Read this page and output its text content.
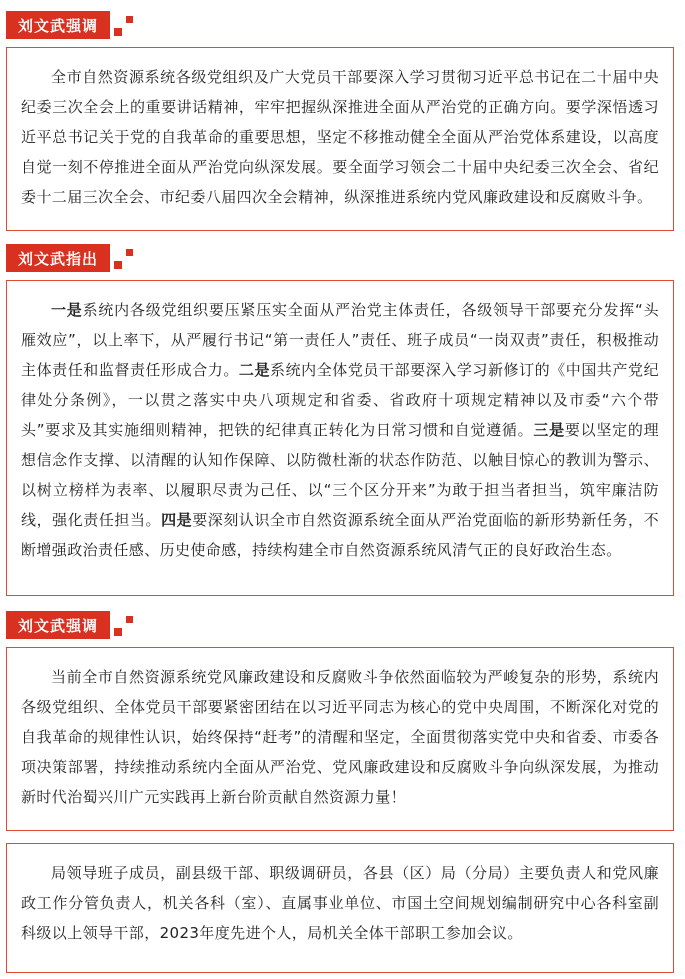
刘文武强调

全市自然资源系统各级党组织及广大党员干部要深入学习贯彻习近平总书记在二十届中央纪委三次全会上的重要讲话精神，牢牢把握纵深推进全面从严治党的正确方向。要学深悟透习近平总书记关于党的自我革命的重要思想，坚定不移推动健全全面从严治党体系建设，以高度自觉一刻不停推进全面从严治党向纵深发展。要全面学习领会二十届中央纪委三次全会、省纪委十二届三次全会、市纪委八届四次全会精神，纵深推进系统内党风廉政建设和反腐败斗争。

刘文武指出

一是系统内各级党组织要压紧压实全面从严治党主体责任，各级领导干部要充分发挥“头雁效应”，以上率下，从严履行书记“第一责任人”责任、班子成员“一岗双责”责任，积极推动主体责任和监督责任形成合力。二是系统内全体党员干部要深入学习新修订的《中国共产党纪律处分条例》，一以贯之落实中央八项规定和省委、省政府十项规定精神以及市委“六个带头”要求及其实施细则精神，把铁的纪律真正转化为日常习惯和自觉遵循。三是要以坚定的理想信念作支撑、以清醒的认知作保障、以防微杜渐的状态作防范、以触目惊心的教训为警示、以树立榜样为表率、以履职尽责为己任、以“三个区分开来”为敢于担当者担当，筑牢廉洁防线，强化责任担当。四是要深刻认识全市自然资源系统全面从严治党面临的新形势新任务，不断增强政治责任感、历史使命感，持续构建全市自然资源系统风清气正的良好政治生态。

刘文武强调

当前全市自然资源系统党风廉政建设和反腐败斗争依然面临较为严峻复杂的形势，系统内各级党组织、全体党员干部要紧密团结在以习近平同志为核心的党中央周围，不断深化对党的自我革命的规律性认识，始终保持“赶考”的清醒和坚定，全面贯彻落实党中央和省委、市委各项决策部署，持续推动系统内全面从严治党、党风廉政建设和反腐败斗争向纵深发展，为推动新时代治蜀兴川广元实践再上新台阶贡献自然资源力量！

局领导班子成员，副县级干部、职级调研员，各县（区）局（分局）主要负责人和党风廉政工作分管负责人，机关各科（室）、直属事业单位、市国土空间规划编制研究中心各科室副科级以上领导干部，2023年度先进个人，局机关全体干部职工参加会议。
